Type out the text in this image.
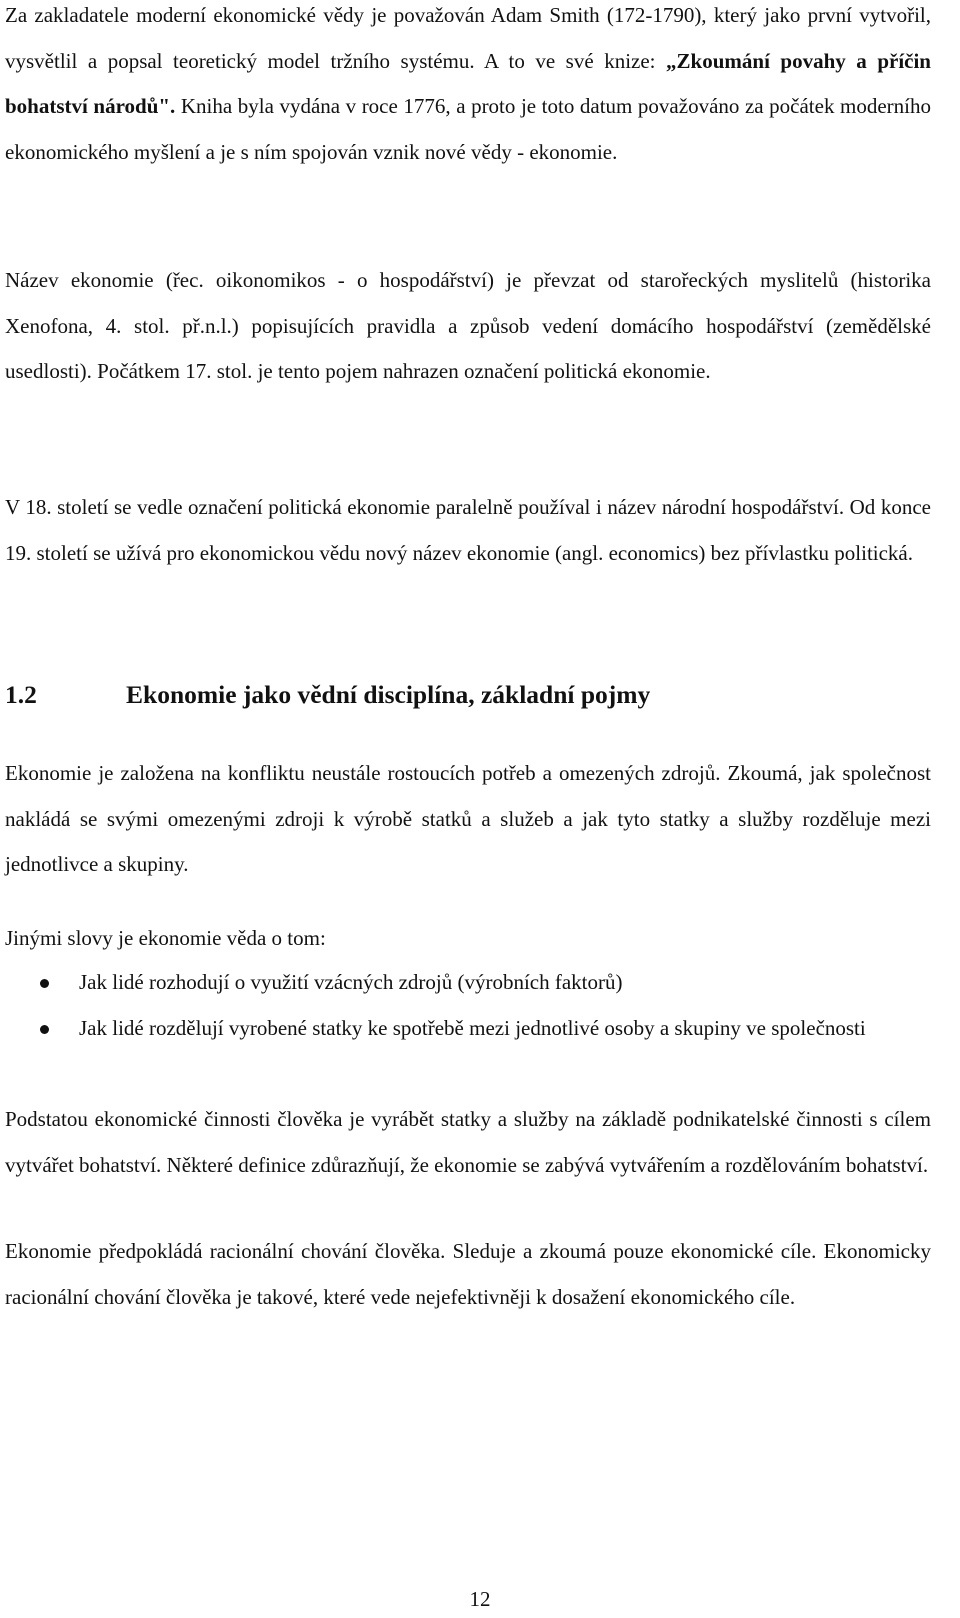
Za zakladatele moderní ekonomické vědy je považován Adam Smith (172-1790), který jako první vytvořil, vysvětlil a popsal teoretický model tržního systému. A to ve své knize: „Zkoumání povahy a příčin bohatství národů". Kniha byla vydána v roce 1776, a proto je toto datum považováno za počátek moderního ekonomického myšlení a je s ním spojován vznik nové vědy - ekonomie.

Název ekonomie (řec. oikonomikos - o hospodářství) je převzat od starořeckých myslitelů (historika Xenofona, 4. stol. př.n.l.) popisujících pravidla a způsob vedení domácího hospodářství (zemědělské usedlosti). Počátkem 17. stol. je tento pojem nahrazen označení politická ekonomie.

V 18. století se vedle označení politická ekonomie paralelně používal i název národní hospodářství. Od konce 19. století se užívá pro ekonomickou vědu nový název ekonomie (angl. economics) bez přívlastku politická.

1.2	Ekonomie jako vědní disciplína, základní pojmy

Ekonomie je založena na konfliktu neustále rostoucích potřeb a omezených zdrojů. Zkoumá, jak společnost nakládá se svými omezenými zdroji k výrobě statků a služeb a jak tyto statky a služby rozděluje mezi jednotlivce a skupiny.

Jinými slovy je ekonomie věda o tom:

Jak lidé rozhodují o využití vzácných zdrojů (výrobních faktorů)
Jak lidé rozdělují vyrobené statky ke spotřebě mezi jednotlivé osoby a skupiny ve společnosti

Podstatou ekonomické činnosti člověka je vyrábět statky a služby na základě podnikatelské činnosti s cílem vytvářet bohatství. Některé definice zdůrazňují, že ekonomie se zabývá vytvářením a rozdělováním bohatství.

Ekonomie předpokládá racionální chování člověka. Sleduje a zkoumá pouze ekonomické cíle. Ekonomicky racionální chování člověka je takové, které vede nejefektivněji k dosažení ekonomického cíle.

12
